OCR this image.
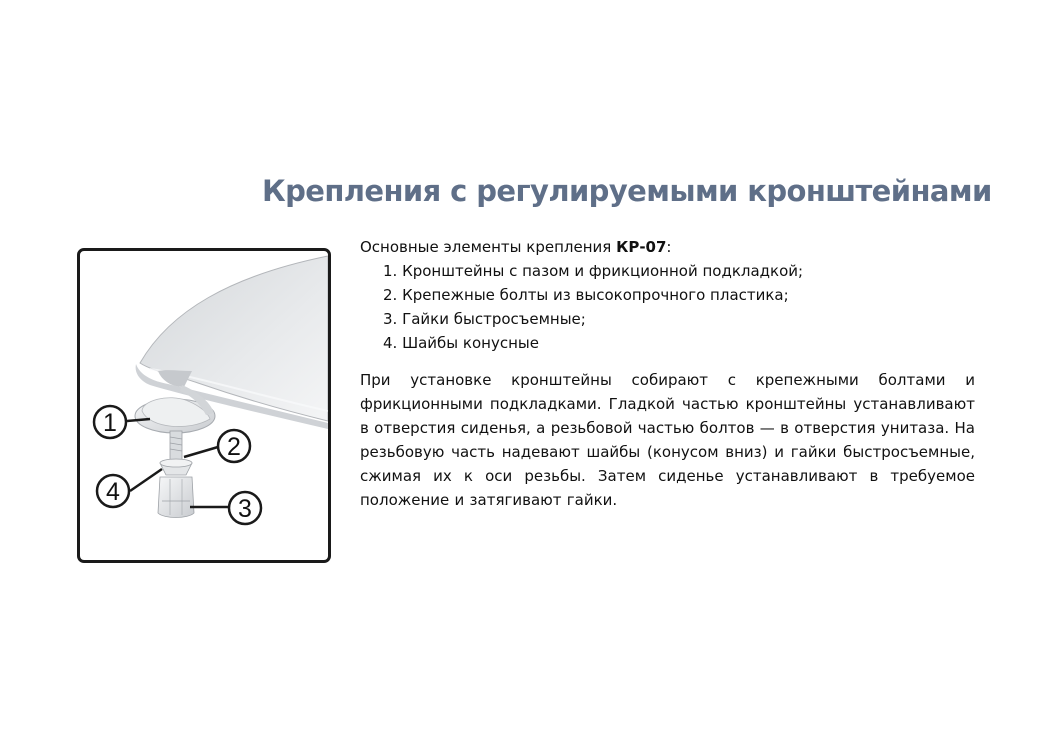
Крепления с регулируемыми кронштейнами
1
2
3
4

Основные элементы крепления КР-07:

1. Кронштейны с пазом и фрикционной подкладкой;
2. Крепежные болты из высокопрочного пластика;
3. Гайки быстросъемные;
4. Шайбы конусные

При установке кронштейны собирают с крепежными болтами и фрикционными подкладками. Гладкой частью кронштейны устанавливают в отверстия сиденья, а резьбовой частью болтов — в отверстия унитаза. На резьбовую часть надевают шайбы (конусом вниз) и гайки быстросъемные, сжимая их к оси резьбы. Затем сиденье устанавливают в требуемое положение и затягивают гайки.
